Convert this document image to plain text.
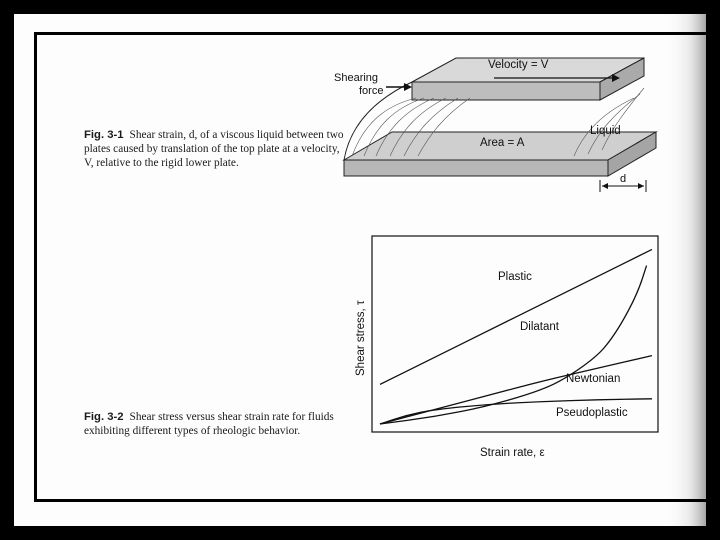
Shearing
force
Velocity = V
Area = A
Liquid
d
Fig. 3-1 Shear strain, d, of a viscous liquid between two plates caused by translation of the top plate at a velocity, V, relative to the rigid lower plate.
Strain rate, ε
Shear stress, τ
Plastic
Dilatant
Newtonian
Pseudoplastic
Fig. 3-2 Shear stress versus shear strain rate for fluids exhibiting different types of rheologic behavior.
